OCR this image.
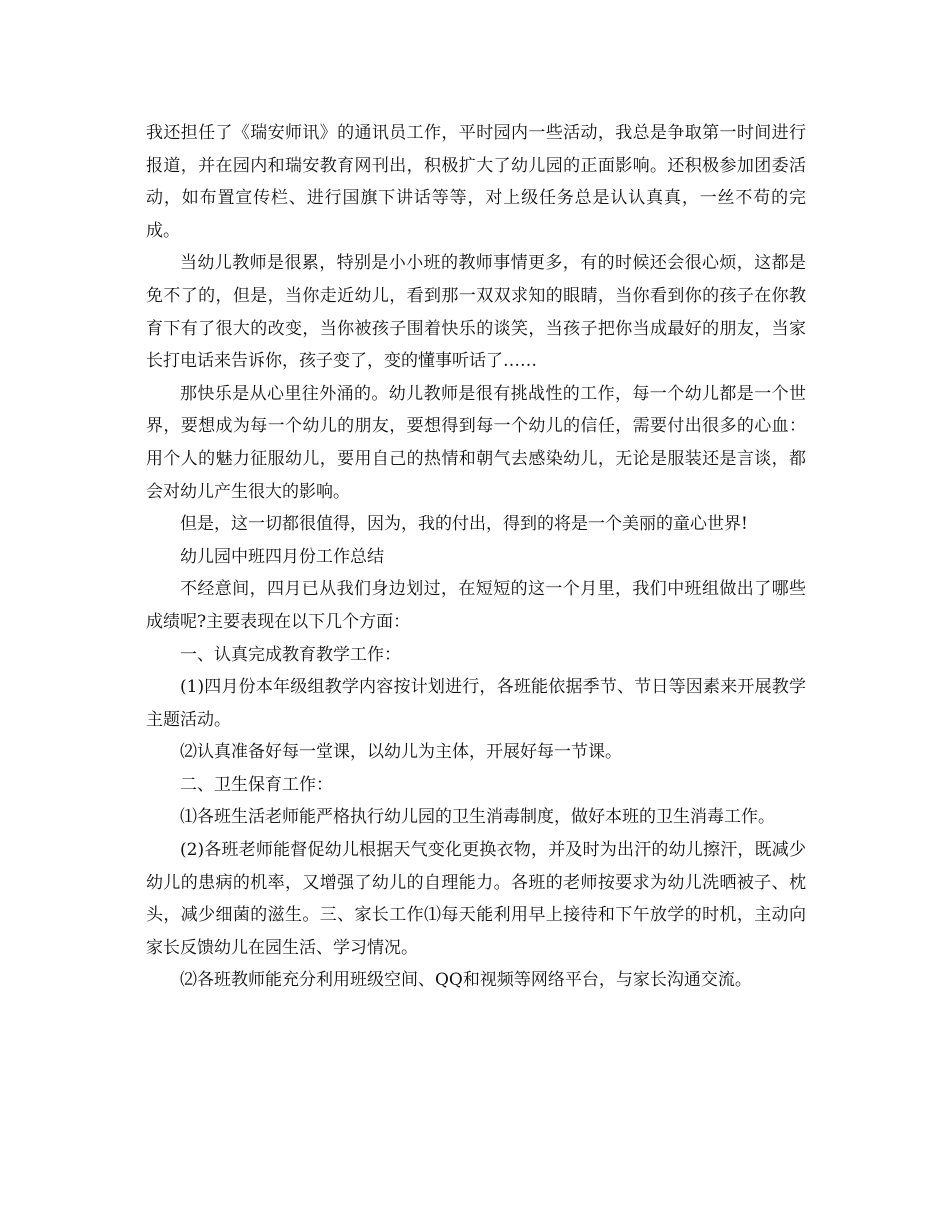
我还担任了《瑞安师讯》的通讯员工作，平时园内一些活动，我总是争取第一时间进行报道，并在园内和瑞安教育网刊出，积极扩大了幼儿园的正面影响。还积极参加团委活动，如布置宣传栏、进行国旗下讲话等等，对上级任务总是认认真真，一丝不苟的完成。

当幼儿教师是很累，特别是小小班的教师事情更多，有的时候还会很心烦，这都是免不了的，但是，当你走近幼儿，看到那一双双求知的眼睛，当你看到你的孩子在你教育下有了很大的改变，当你被孩子围着快乐的谈笑，当孩子把你当成最好的朋友，当家长打电话来告诉你，孩子变了，变的懂事听话了……

那快乐是从心里往外涌的。幼儿教师是很有挑战性的工作，每一个幼儿都是一个世界，要想成为每一个幼儿的朋友，要想得到每一个幼儿的信任，需要付出很多的心血：用个人的魅力征服幼儿，要用自己的热情和朝气去感染幼儿，无论是服装还是言谈，都会对幼儿产生很大的影响。

但是，这一切都很值得，因为，我的付出，得到的将是一个美丽的童心世界!

幼儿园中班四月份工作总结

不经意间，四月已从我们身边划过，在短短的这一个月里，我们中班组做出了哪些成绩呢?主要表现在以下几个方面：

一、认真完成教育教学工作：

(1)四月份本年级组教学内容按计划进行，各班能依据季节、节日等因素来开展教学主题活动。

⑵认真准备好每一堂课，以幼儿为主体，开展好每一节课。

二、卫生保育工作：

⑴各班生活老师能严格执行幼儿园的卫生消毒制度，做好本班的卫生消毒工作。

(2)各班老师能督促幼儿根据天气变化更换衣物，并及时为出汗的幼儿擦汗，既减少幼儿的患病的机率，又增强了幼儿的自理能力。各班的老师按要求为幼儿洗晒被子、枕头，减少细菌的滋生。三、家长工作⑴每天能利用早上接待和下午放学的时机，主动向家长反馈幼儿在园生活、学习情况。

⑵各班教师能充分利用班级空间、QQ和视频等网络平台，与家长沟通交流。
